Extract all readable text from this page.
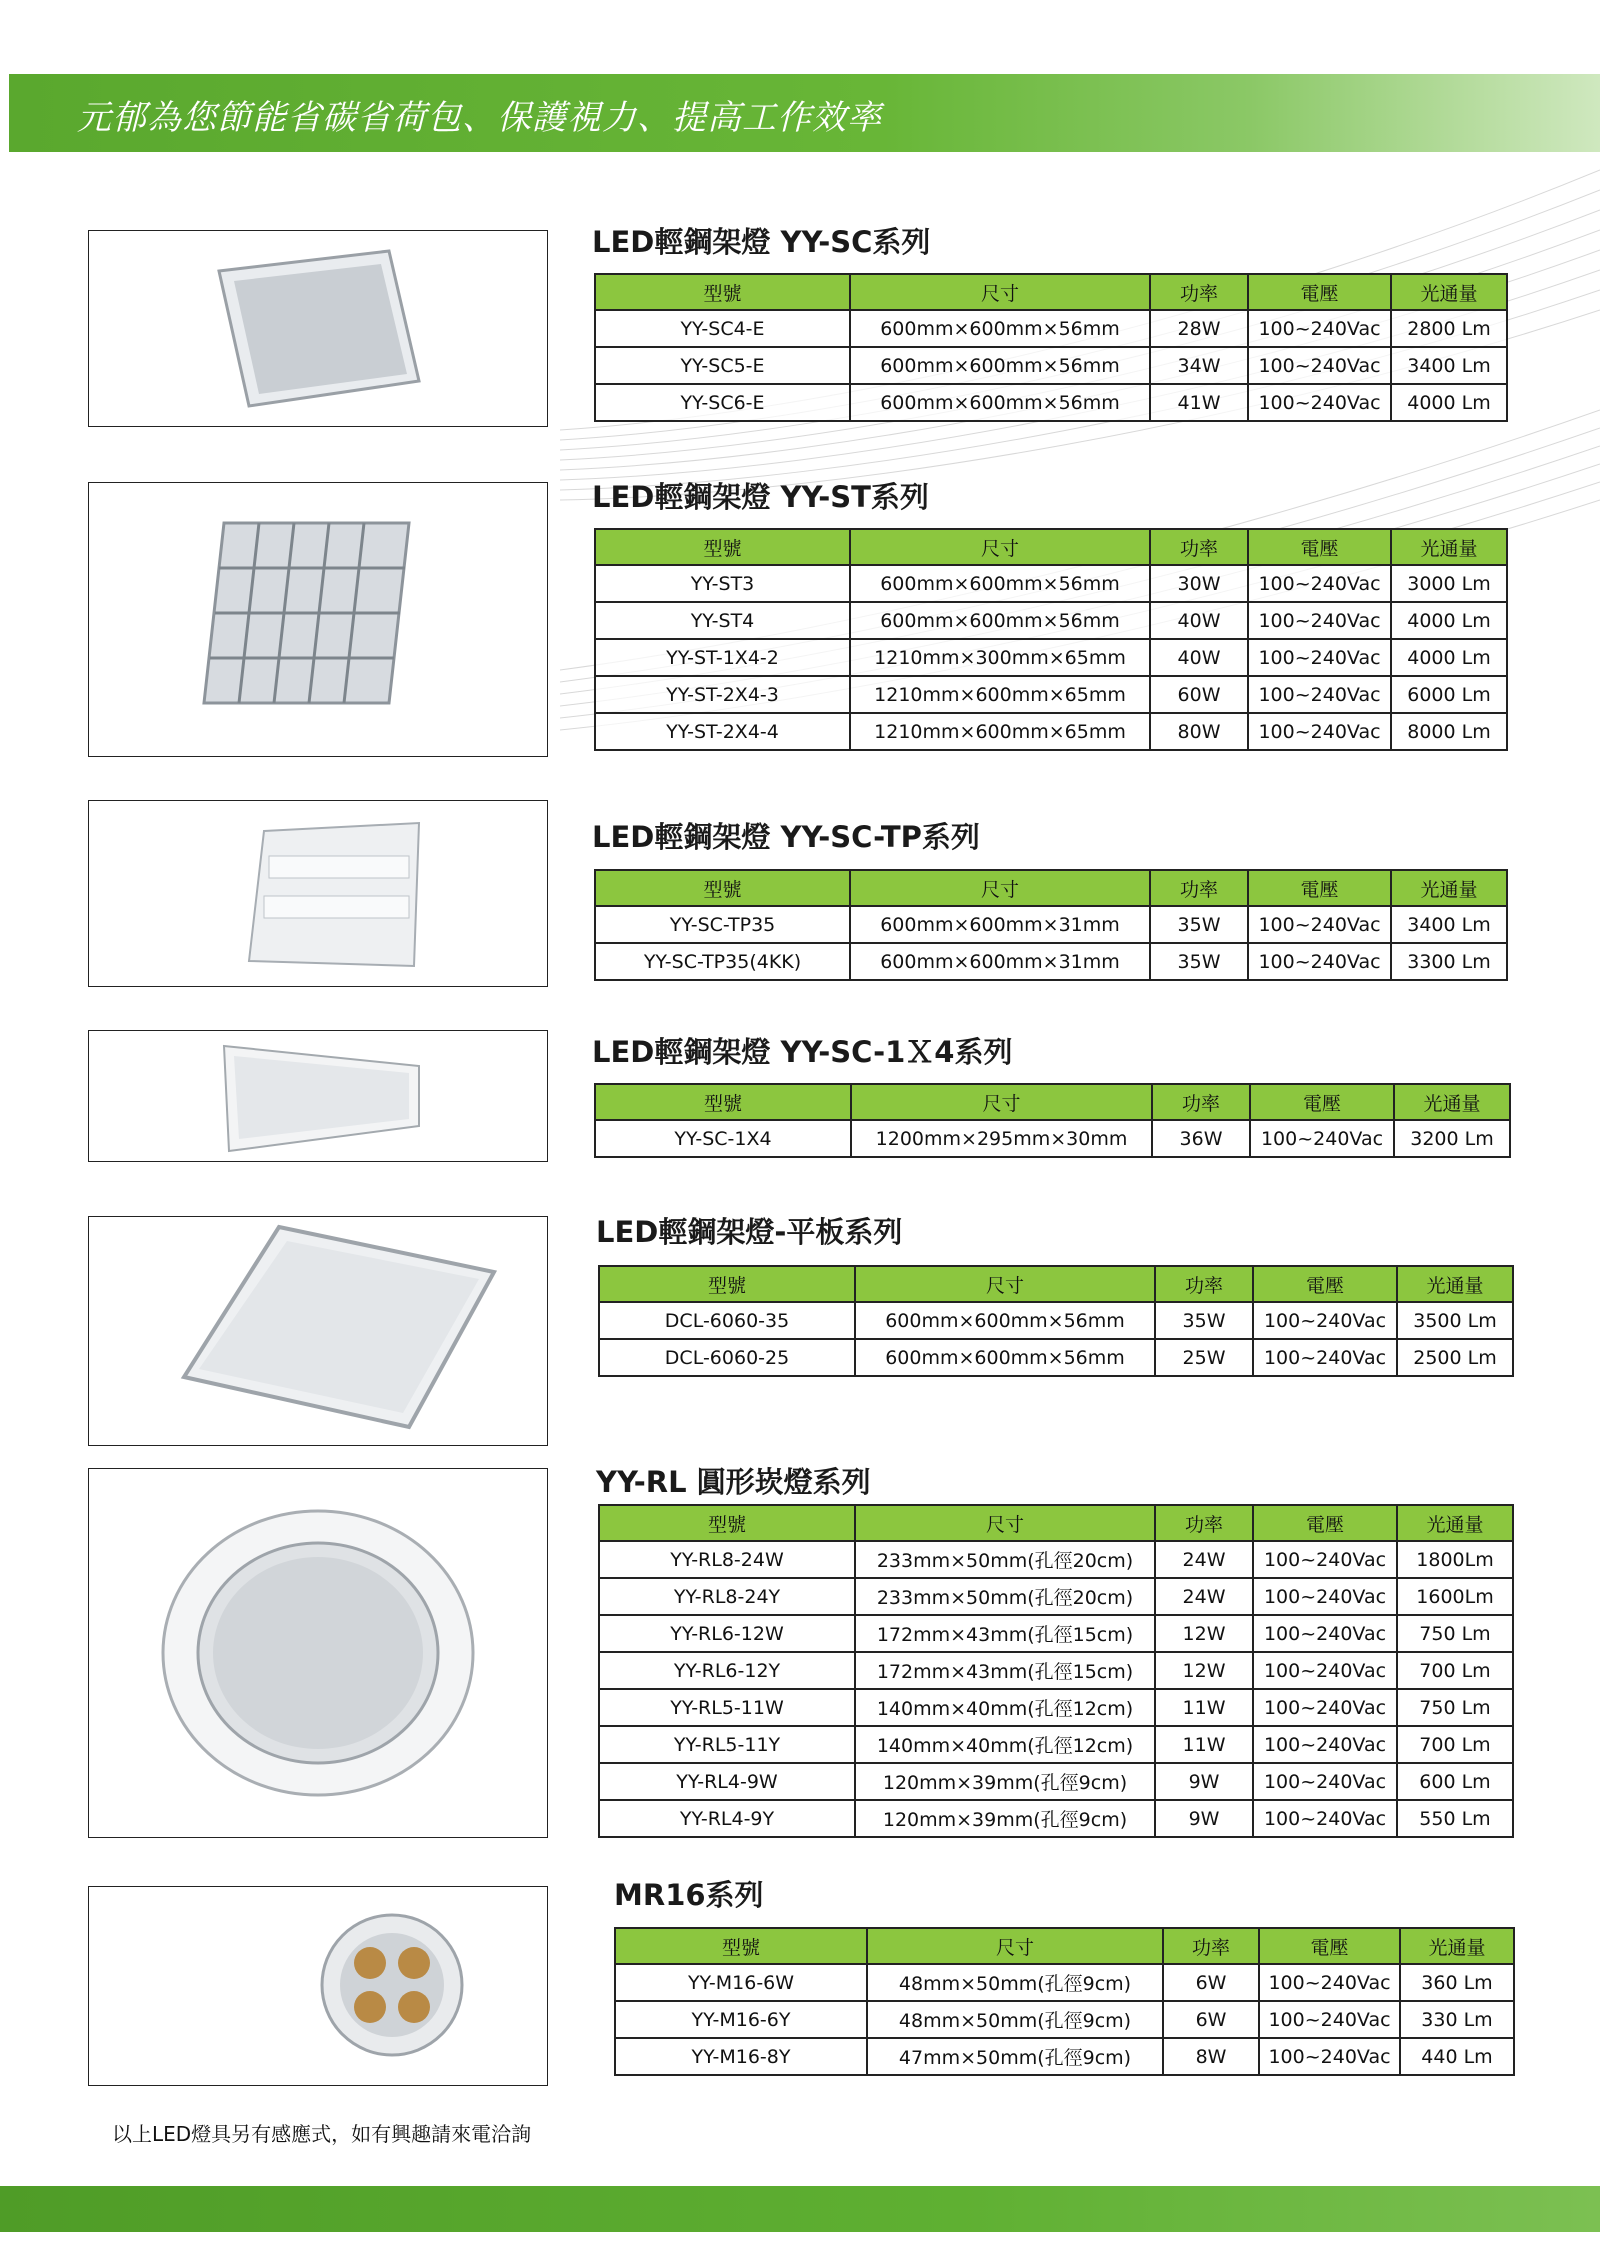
元郁為您節能省碳省荷包、保護視力、提高工作效率
LED輕鋼架燈 YY-SC系列
LED輕鋼架燈 YY-ST系列
LED輕鋼架燈 YY-SC-TP系列
LED輕鋼架燈 YY-SC-1Ｘ4系列
LED輕鋼架燈-平板系列
YY-RL 圓形崁燈系列
MR16系列
型號	尺寸	功率	電壓	光通量
YY-SC4-E	600mm×600mm×56mm	28W	100~240Vac	2800 Lm
YY-SC5-E	600mm×600mm×56mm	34W	100~240Vac	3400 Lm
YY-SC6-E	600mm×600mm×56mm	41W	100~240Vac	4000 Lm
型號	尺寸	功率	電壓	光通量
YY-ST3	600mm×600mm×56mm	30W	100~240Vac	3000 Lm
YY-ST4	600mm×600mm×56mm	40W	100~240Vac	4000 Lm
YY-ST-1X4-2	1210mm×300mm×65mm	40W	100~240Vac	4000 Lm
YY-ST-2X4-3	1210mm×600mm×65mm	60W	100~240Vac	6000 Lm
YY-ST-2X4-4	1210mm×600mm×65mm	80W	100~240Vac	8000 Lm
型號	尺寸	功率	電壓	光通量
YY-SC-TP35	600mm×600mm×31mm	35W	100~240Vac	3400 Lm
YY-SC-TP35(4KK)	600mm×600mm×31mm	35W	100~240Vac	3300 Lm
型號	尺寸	功率	電壓	光通量
YY-SC-1X4	1200mm×295mm×30mm	36W	100~240Vac	3200 Lm
型號	尺寸	功率	電壓	光通量
DCL-6060-35	600mm×600mm×56mm	35W	100~240Vac	3500 Lm
DCL-6060-25	600mm×600mm×56mm	25W	100~240Vac	2500 Lm
型號	尺寸	功率	電壓	光通量
YY-RL8-24W	233mm×50mm(孔徑20cm)	24W	100~240Vac	1800Lm
YY-RL8-24Y	233mm×50mm(孔徑20cm)	24W	100~240Vac	1600Lm
YY-RL6-12W	172mm×43mm(孔徑15cm)	12W	100~240Vac	750 Lm
YY-RL6-12Y	172mm×43mm(孔徑15cm)	12W	100~240Vac	700 Lm
YY-RL5-11W	140mm×40mm(孔徑12cm)	11W	100~240Vac	750 Lm
YY-RL5-11Y	140mm×40mm(孔徑12cm)	11W	100~240Vac	700 Lm
YY-RL4-9W	120mm×39mm(孔徑9cm)	9W	100~240Vac	600 Lm
YY-RL4-9Y	120mm×39mm(孔徑9cm)	9W	100~240Vac	550 Lm
型號	尺寸	功率	電壓	光通量
YY-M16-6W	48mm×50mm(孔徑9cm)	6W	100~240Vac	360 Lm
YY-M16-6Y	48mm×50mm(孔徑9cm)	6W	100~240Vac	330 Lm
YY-M16-8Y	47mm×50mm(孔徑9cm)	8W	100~240Vac	440 Lm
以上LED燈具另有感應式，如有興趣請來電洽詢
